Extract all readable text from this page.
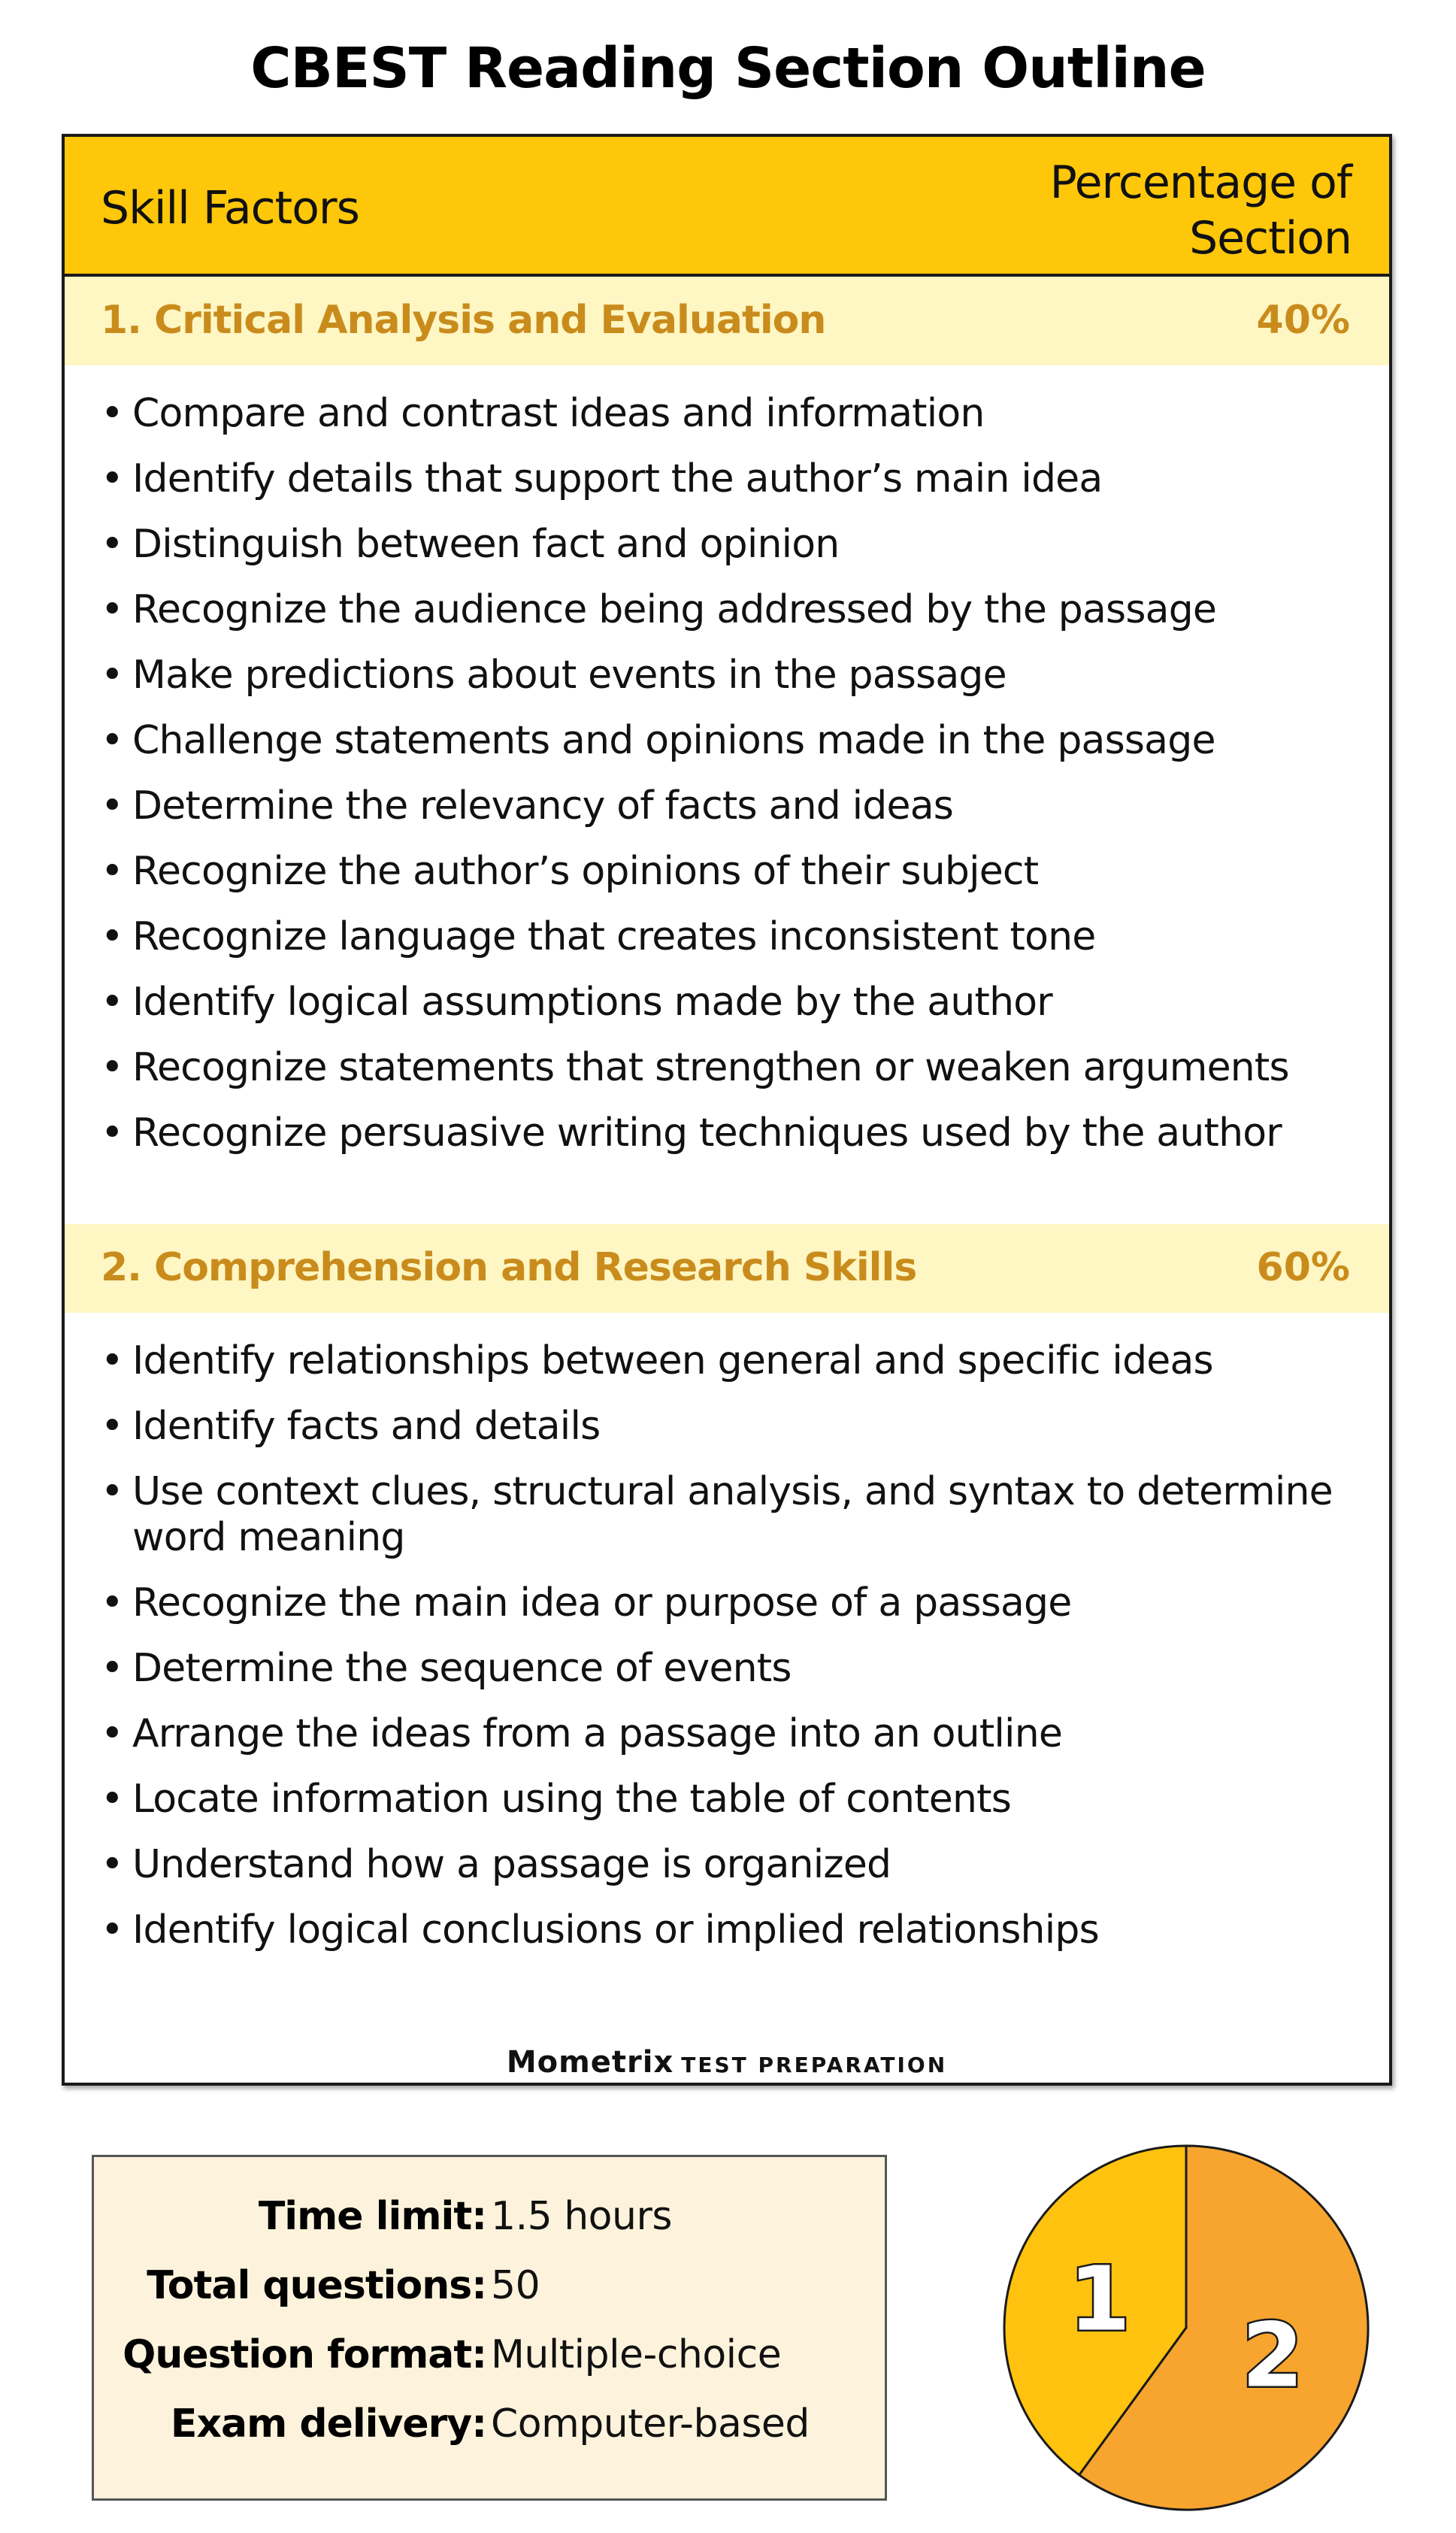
CBEST Reading Section Outline
Skill Factors	Percentage of Section
1. Critical Analysis and Evaluation	40%
• Compare and contrast ideas and information
• Identify details that support the author’s main idea
• Distinguish between fact and opinion
• Recognize the audience being addressed by the passage
• Make predictions about events in the passage
• Challenge statements and opinions made in the passage
• Determine the relevancy of facts and ideas
• Recognize the author’s opinions of their subject
• Recognize language that creates inconsistent tone
• Identify logical assumptions made by the author
• Recognize statements that strengthen or weaken arguments
• Recognize persuasive writing techniques used by the author
2. Comprehension and Research Skills	60%
• Identify relationships between general and specific ideas
• Identify facts and details
• Use context clues, structural analysis, and syntax to determine word meaning
• Recognize the main idea or purpose of a passage
• Determine the sequence of events
• Arrange the ideas from a passage into an outline
• Locate information using the table of contents
• Understand how a passage is organized
• Identify logical conclusions or implied relationships
Mometrix TEST PREPARATION
Time limit: 1.5 hours
Total questions: 50
Question format: Multiple-choice
Exam delivery: Computer-based
1
2
